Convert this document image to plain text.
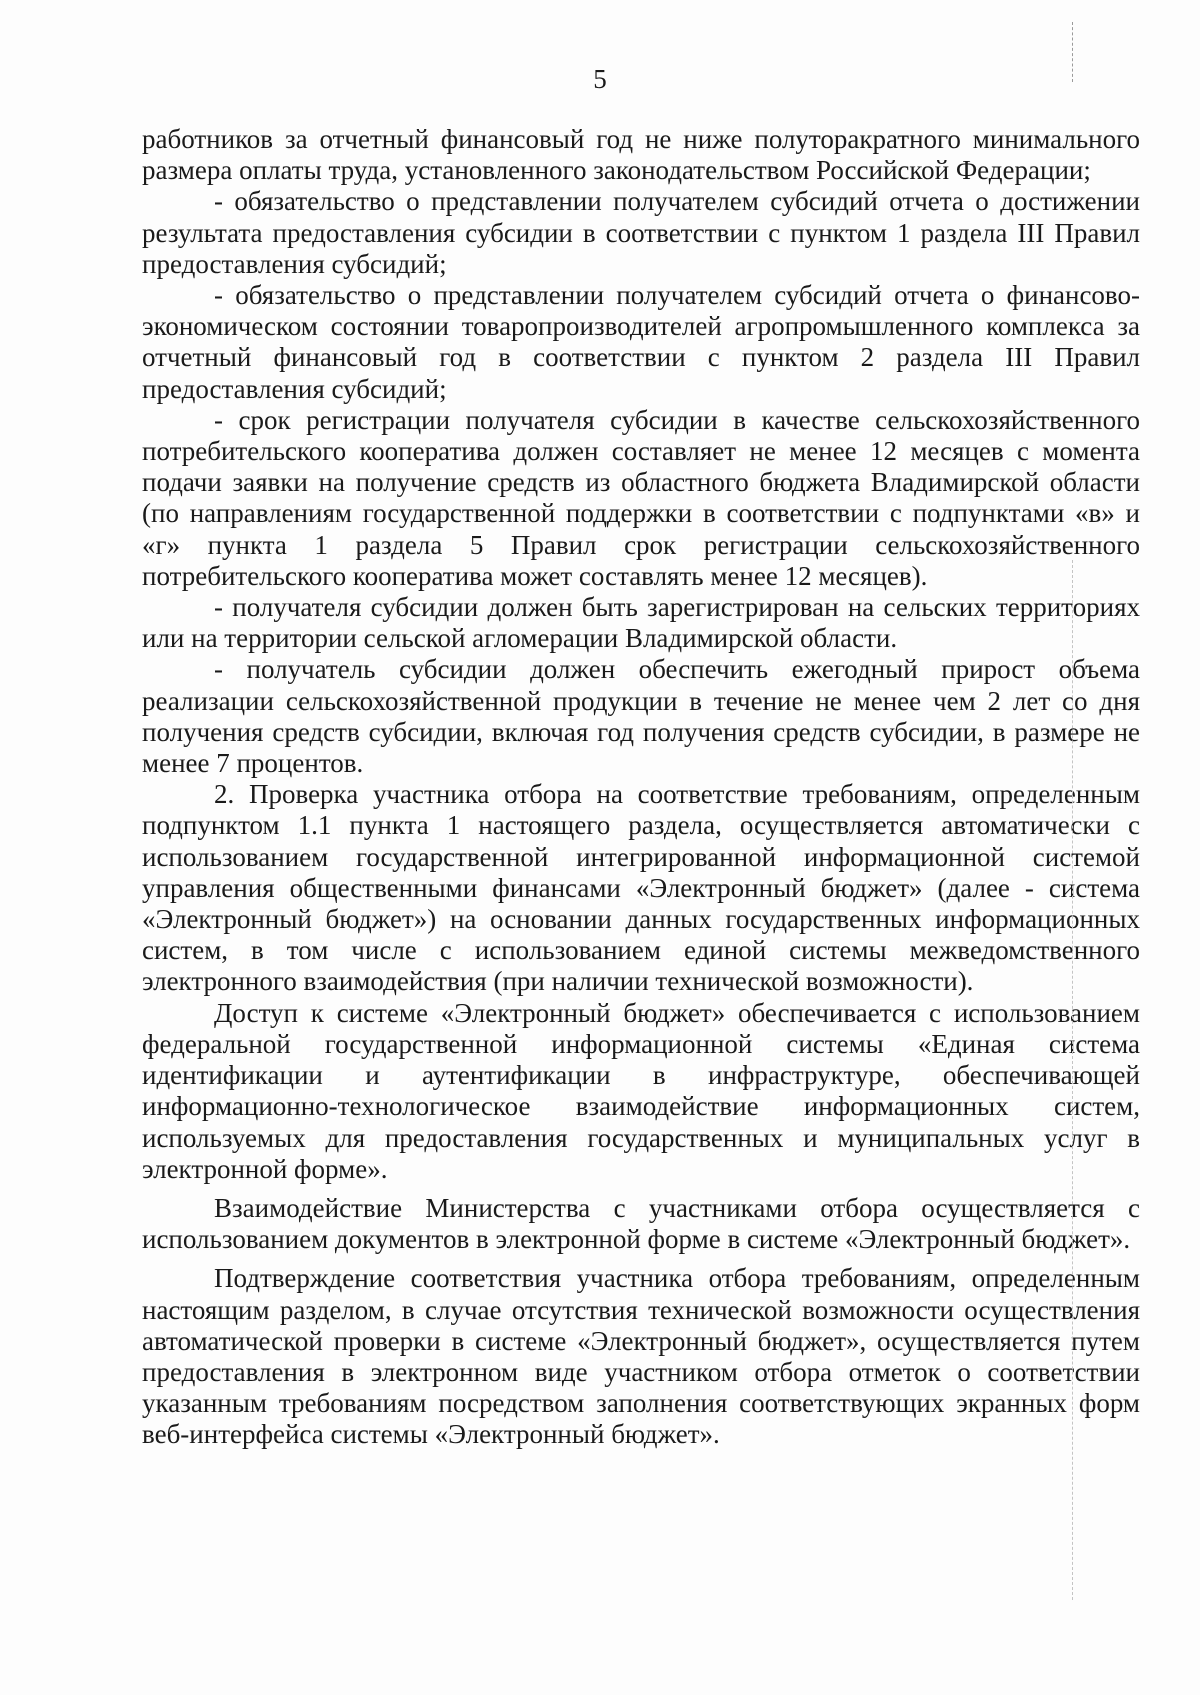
5

работников за отчетный финансовый год не ниже полуторакратного минимального размера оплаты труда, установленного законодательством Российской Федерации;

- обязательство о представлении получателем субсидий отчета о достижении результата предоставления субсидии в соответствии с пунктом 1 раздела III Правил предоставления субсидий;

- обязательство о представлении получателем субсидий отчета о финансово-экономическом состоянии товаропроизводителей агропромышленного комплекса за отчетный финансовый год в соответствии с пунктом 2 раздела III Правил предоставления субсидий;

- срок регистрации получателя субсидии в качестве сельскохозяйственного потребительского кооператива должен составляет не менее 12 месяцев с момента подачи заявки на получение средств из областного бюджета Владимирской области (по направлениям государственной поддержки в соответствии с подпунктами «в» и «г» пункта 1 раздела 5 Правил срок регистрации сельскохозяйственного потребительского кооператива может составлять менее 12 месяцев).

- получателя субсидии должен быть зарегистрирован на сельских территориях или на территории сельской агломерации Владимирской области.

- получатель субсидии должен обеспечить ежегодный прирост объема реализации сельскохозяйственной продукции в течение не менее чем 2 лет со дня получения средств субсидии, включая год получения средств субсидии, в размере не менее 7 процентов.

2. Проверка участника отбора на соответствие требованиям, определенным подпунктом 1.1 пункта 1 настоящего раздела, осуществляется автоматически с использованием государственной интегрированной информационной системой управления общественными финансами «Электронный бюджет» (далее - система «Электронный бюджет») на основании данных государственных информационных систем, в том числе с использованием единой системы межведомственного электронного взаимодействия (при наличии технической возможности).

Доступ к системе «Электронный бюджет» обеспечивается с использованием федеральной государственной информационной системы «Единая система идентификации и аутентификации в инфраструктуре, обеспечивающей информационно-технологическое взаимодействие информационных систем, используемых для предоставления государственных и муниципальных услуг в электронной форме».

Взаимодействие Министерства с участниками отбора осуществляется с использованием документов в электронной форме в системе «Электронный бюджет».

Подтверждение соответствия участника отбора требованиям, определенным настоящим разделом, в случае отсутствия технической возможности осуществления автоматической проверки в системе «Электронный бюджет», осуществляется путем предоставления в электронном виде участником отбора отметок о соответствии указанным требованиям посредством заполнения соответствующих экранных форм веб-интерфейса системы «Электронный бюджет».
